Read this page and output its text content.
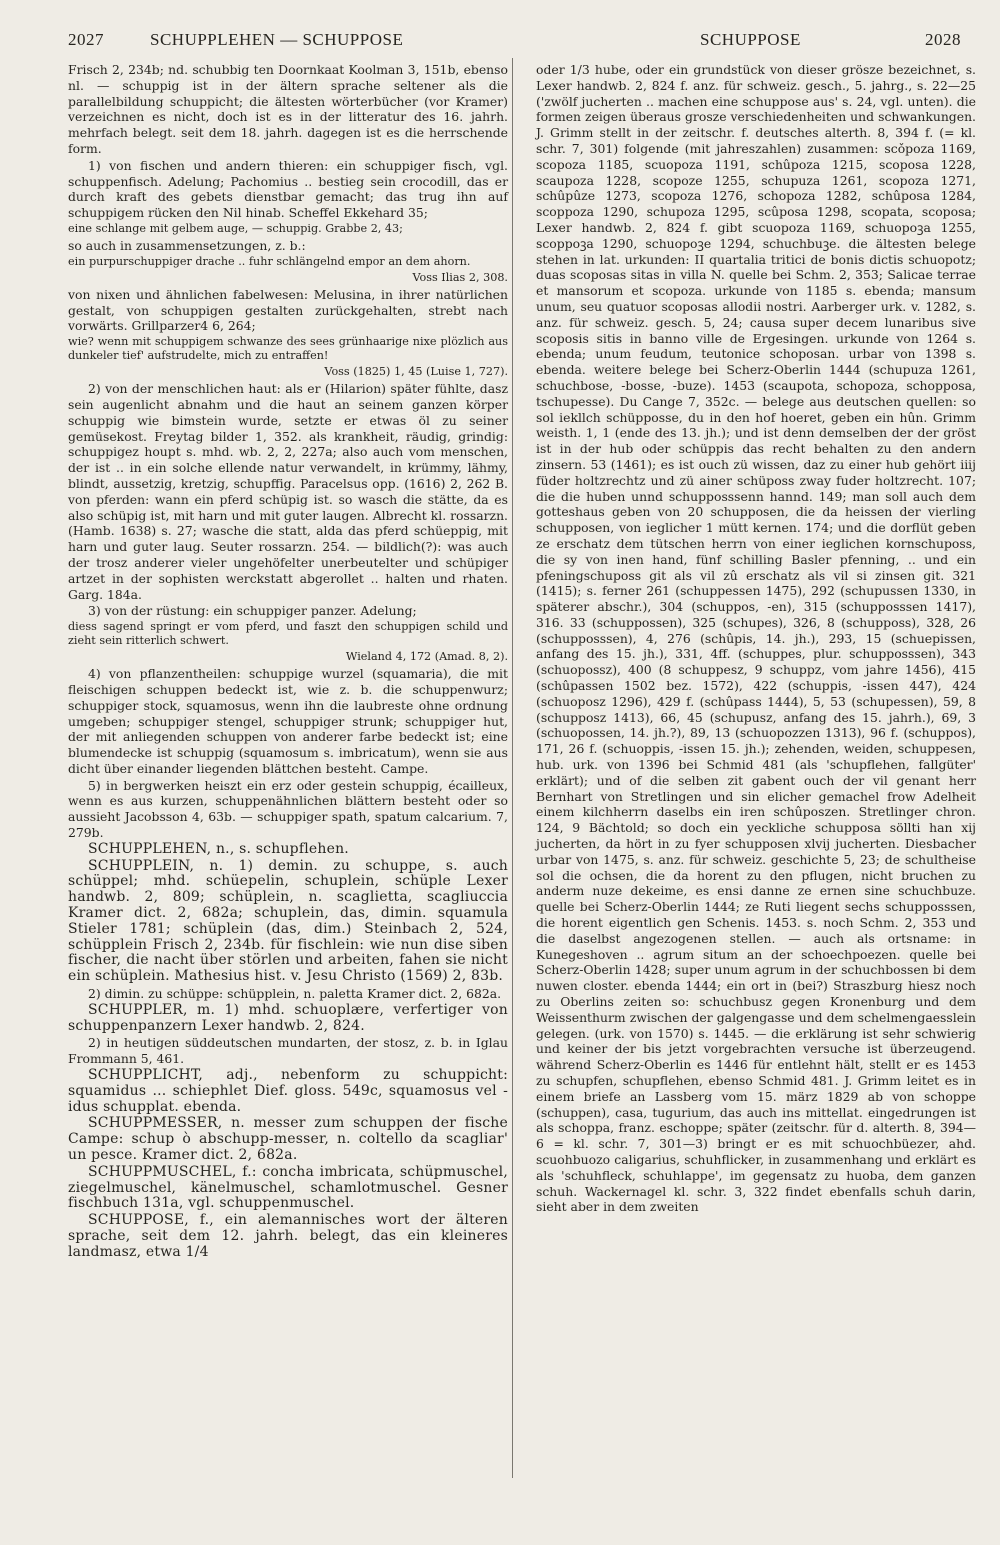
2027	SCHUPPLEHEN — SCHUPPOSE	SCHUPPOSE	2028

Frisch 2, 234b; nd. schubbig ten Doornkaat Koolman 3, 151b, ebenso nl. — schuppig ist in der ältern sprache seltener als die parallelbildung schuppicht; die ältesten wörterbücher (vor Kramer) verzeichnen es nicht, doch ist es in der litteratur des 16. jahrh. mehrfach belegt. seit dem 18. jahrh. dagegen ist es die herrschende form.

1) von fischen und andern thieren: ein schuppiger fisch, vgl. schuppenfisch. Adelung; Pachomius .. bestieg sein crocodill, das er durch kraft des gebets dienstbar gemacht; das trug ihn auf schuppigem rücken den Nil hinab. Scheffel Ekkehard 35;

eine schlange mit gelbem auge, — schuppig. Grabbe 2, 43;

so auch in zusammensetzungen, z. b.:

ein purpurschuppiger drache .. fuhr schlängelnd empor an dem ahorn.

Voss Ilias 2, 308.

von nixen und ähnlichen fabelwesen: Melusina, in ihrer natürlichen gestalt, von schuppigen gestalten zurückgehalten, strebt nach vorwärts. Grillparzer4 6, 264;

wie? wenn mit schuppigem schwanze des sees grünhaarige nixe plözlich aus dunkeler tief' aufstrudelte, mich zu entraffen!

Voss (1825) 1, 45 (Luise 1, 727).

2) von der menschlichen haut: als er (Hilarion) später fühlte, dasz sein augenlicht abnahm und die haut an seinem ganzen körper schuppig wie bimstein wurde, setzte er etwas öl zu seiner gemüsekost. Freytag bilder 1, 352. als krankheit, räudig, grindig: schuppigez houpt s. mhd. wb. 2, 2, 227a; also auch vom menschen, der ist .. in ein solche ellende natur verwandelt, in krümmy, lähmy, blindt, aussetzig, kretzig, schupffig. Paracelsus opp. (1616) 2, 262 B. von pferden: wann ein pferd schüpig ist. so wasch die stätte, da es also schüpig ist, mit harn und mit guter laugen. Albrecht kl. rossarzn. (Hamb. 1638) s. 27; wasche die statt, alda das pferd schüeppig, mit harn und guter laug. Seuter rossarzn. 254. — bildlich(?): was auch der trosz anderer vieler ungehöfelter unerbeutelter und schüpiger artzet in der sophisten werckstatt abgerollet .. halten und rhaten. Garg. 184a.

3) von der rüstung: ein schuppiger panzer. Adelung;

diess sagend springt er vom pferd, und faszt den schuppigen schild und zieht sein ritterlich schwert.

Wieland 4, 172 (Amad. 8, 2).

4) von pflanzentheilen: schuppige wurzel (squamaria), die mit fleischigen schuppen bedeckt ist, wie z. b. die schuppenwurz; schuppiger stock, squamosus, wenn ihn die laubreste ohne ordnung umgeben; schuppiger stengel, schuppiger strunk; schuppiger hut, der mit anliegenden schuppen von anderer farbe bedeckt ist; eine blumendecke ist schuppig (squamosum s. imbricatum), wenn sie aus dicht über einander liegenden blättchen besteht. Campe.

5) in bergwerken heiszt ein erz oder gestein schuppig, écailleux, wenn es aus kurzen, schuppenähnlichen blättern besteht oder so aussieht Jacobsson 4, 63b. — schuppiger spath, spatum calcarium. 7, 279b.

SCHUPPLEHEN, n., s. schupflehen.

SCHUPPLEIN, n. 1) demin. zu schuppe, s. auch schüppel; mhd. schüepelin, schuplein, schüple Lexer handwb. 2, 809; schüplein, n. scaglietta, scagliuccia Kramer dict. 2, 682a; schuplein, das, dimin. squamula Stieler 1781; schüplein (das, dim.) Steinbach 2, 524, schüpplein Frisch 2, 234b. für fischlein: wie nun dise siben fischer, die nacht über störlen und arbeiten, fahen sie nicht ein schüplein. Mathesius hist. v. Jesu Christo (1569) 2, 83b.

2) dimin. zu schüppe: schüpplein, n. paletta Kramer dict. 2, 682a.

SCHUPPLER, m. 1) mhd. schuoplære, verfertiger von schuppenpanzern Lexer handwb. 2, 824.

2) in heutigen süddeutschen mundarten, der stosz, z. b. in Iglau Frommann 5, 461.

SCHUPPLICHT, adj., nebenform zu schuppicht: squamidus ... schiephlet Dief. gloss. 549c, squamosus vel -idus schupplat. ebenda.

SCHUPPMESSER, n. messer zum schuppen der fische Campe: schup ò abschupp-messer, n. coltello da scagliar' un pesce. Kramer dict. 2, 682a.

SCHUPPMUSCHEL, f.: concha imbricata, schüpmuschel, ziegelmuschel, känelmuschel, schamlotmuschel. Gesner fischbuch 131a, vgl. schuppenmuschel.

SCHUPPOSE, f., ein alemannisches wort der älteren sprache, seit dem 12. jahrh. belegt, das ein kleineres landmasz, etwa 1/4

oder 1/3 hube, oder ein grundstück von dieser grösze bezeichnet, s. Lexer handwb. 2, 824 f. anz. für schweiz. gesch., 5. jahrg., s. 22—25 ('zwölf jucherten .. machen eine schuppose aus' s. 24, vgl. unten). die formen zeigen überaus grosze verschiedenheiten und schwankungen. J. Grimm stellt in der zeitschr. f. deutsches alterth. 8, 394 f. (= kl. schr. 7, 301) folgende (mit jahreszahlen) zusammen: scǒpoza 1169, scopoza 1185, scuopoza 1191, schûpoza 1215, scoposa 1228, scaupoza 1228, scopoze 1255, schupuza 1261, scopoza 1271, schûpûze 1273, scopoza 1276, schopoza 1282, schûposa 1284, scoppoza 1290, schupoza 1295, scûposa 1298, scopata, scoposa; Lexer handwb. 2, 824 f. gibt scuopoza 1169, schuopoꝫa 1255, scoppoꝫa 1290, schuopoꝫe 1294, schuchbuꝫe. die ältesten belege stehen in lat. urkunden: II quartalia tritici de bonis dictis schuopotz; duas scoposas sitas in villa N. quelle bei Schm. 2, 353; Salicae terrae et mansorum et scopoza. urkunde von 1185 s. ebenda; mansum unum, seu quatuor scoposas allodii nostri. Aarberger urk. v. 1282, s. anz. für schweiz. gesch. 5, 24; causa super decem lunaribus sive scoposis sitis in banno ville de Ergesingen. urkunde von 1264 s. ebenda; unum feudum, teutonice schoposan. urbar von 1398 s. ebenda. weitere belege bei Scherz-Oberlin 1444 (schupuza 1261, schuchbose, -bosse, -buze). 1453 (scaupota, schopoza, schopposa, tschupesse). Du Cange 7, 352c. — belege aus deutschen quellen: so sol iekllch schüpposse, du in den hof hoeret, geben ein hûn. Grimm weisth. 1, 1 (ende des 13. jh.); und ist denn demselben der der gröst ist in der hub oder schüppis das recht behalten zu den andern zinsern. 53 (1461); es ist ouch zü wissen, daz zu einer hub gehört iiij füder holtzrechtz und zü ainer schüposs zway fuder holtzrecht. 107; die die huben unnd schupposssenn hannd. 149; man soll auch dem gotteshaus geben von 20 schupposen, die da heissen der vierling schupposen, von ieglicher 1 mütt kernen. 174; und die dorflüt geben ze erschatz dem tütschen herrn von einer ieglichen kornschuposs, die sy von inen hand, fünf schilling Basler pfenning, .. und ein pfeningschuposs git als vil zû erschatz als vil si zinsen git. 321 (1415); s. ferner 261 (schuppessen 1475), 292 (schupussen 1330, in späterer abschr.), 304 (schuppos, -en), 315 (schupposssen 1417), 316. 33 (schuppossen), 325 (schupes), 326, 8 (schupposs), 328, 26 (schupposssen), 4, 276 (schûpis, 14. jh.), 293, 15 (schuepissen, anfang des 15. jh.), 331, 4ff. (schuppes, plur. schupposssen), 343 (schuopossz), 400 (8 schuppesz, 9 schuppz, vom jahre 1456), 415 (schûpassen 1502 bez. 1572), 422 (schuppis, -issen 447), 424 (schuoposz 1296), 429 f. (schûpass 1444), 5, 53 (schupessen), 59, 8 (schupposz 1413), 66, 45 (schupusz, anfang des 15. jahrh.), 69, 3 (schuopossen, 14. jh.?), 89, 13 (schuopozzen 1313), 96 f. (schuppos), 171, 26 f. (schuoppis, -issen 15. jh.); zehenden, weiden, schuppesen, hub. urk. von 1396 bei Schmid 481 (als 'schupflehen, fallgüter' erklärt); und of die selben zit gabent ouch der vil genant herr Bernhart von Stretlingen und sin elicher gemachel frow Adelheit einem kilchherrn daselbs ein iren schûposzen. Stretlinger chron. 124, 9 Bächtold; so doch ein yeckliche schupposa söllti han xij jucherten, da hört in zu fyer schupposen xlvij jucherten. Diesbacher urbar von 1475, s. anz. für schweiz. geschichte 5, 23; de schultheise sol die ochsen, die da horent zu den pflugen, nicht bruchen zu anderm nuze dekeime, es ensi danne ze ernen sine schuchbuze. quelle bei Scherz-Oberlin 1444; ze Ruti liegent sechs schupposssen, die horent eigentlich gen Schenis. 1453. s. noch Schm. 2, 353 und die daselbst angezogenen stellen. — auch als ortsname: in Kunegeshoven .. agrum situm an der schoechpoezen. quelle bei Scherz-Oberlin 1428; super unum agrum in der schuchbossen bi dem nuwen closter. ebenda 1444; ein ort in (bei?) Straszburg hiesz noch zu Oberlins zeiten so: schuchbusz gegen Kronenburg und dem Weissenthurm zwischen der galgengasse und dem schelmengaesslein gelegen. (urk. von 1570) s. 1445. — die erklärung ist sehr schwierig und keiner der bis jetzt vorgebrachten versuche ist überzeugend. während Scherz-Oberlin es 1446 für entlehnt hält, stellt er es 1453 zu schupfen, schupflehen, ebenso Schmid 481. J. Grimm leitet es in einem briefe an Lassberg vom 15. märz 1829 ab von schoppe (schuppen), casa, tugurium, das auch ins mittellat. eingedrungen ist als schoppa, franz. eschoppe; später (zeitschr. für d. alterth. 8, 394—6 = kl. schr. 7, 301—3) bringt er es mit schuochbüezer, ahd. scuohbuozo caligarius, schuhflicker, in zusammenhang und erklärt es als 'schuhfleck, schuhlappe', im gegensatz zu huoba, dem ganzen schuh. Wackernagel kl. schr. 3, 322 findet ebenfalls schuh darin, sieht aber in dem zweiten
